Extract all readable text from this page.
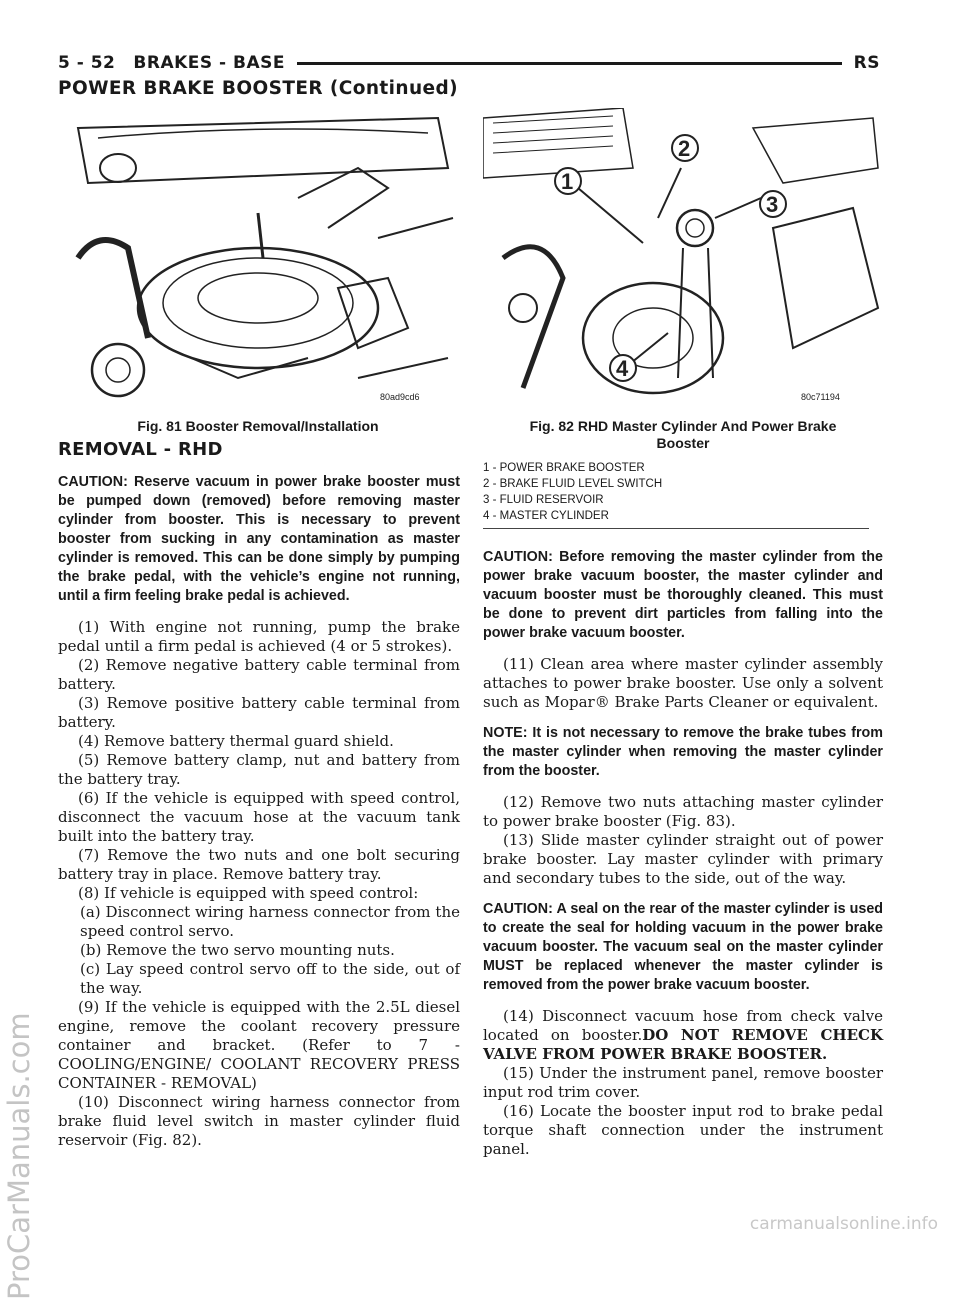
ProCarManuals.com	carmanualsonline.info
5 - 52 BRAKES - BASE	RS
POWER BRAKE BOOSTER (Continued)
80ad9cd6
Fig. 81 Booster Removal/Installation
1
2
3
4
80c71194
Fig. 82 RHD Master Cylinder And Power Brake Booster
1 - POWER BRAKE BOOSTER
2 - BRAKE FLUID LEVEL SWITCH
3 - FLUID RESERVOIR
4 - MASTER CYLINDER
REMOVAL - RHD

CAUTION: Reserve vacuum in power brake booster must be pumped down (removed) before removing master cylinder from booster. This is necessary to prevent booster from sucking in any contamination as master cylinder is removed. This can be done simply by pumping the brake pedal, with the vehicle’s engine not running, until a firm feeling brake pedal is achieved.

(1) With engine not running, pump the brake pedal until a firm pedal is achieved (4 or 5 strokes).

(2) Remove negative battery cable terminal from battery.

(3) Remove positive battery cable terminal from battery.

(4) Remove battery thermal guard shield.

(5) Remove battery clamp, nut and battery from the battery tray.

(6) If the vehicle is equipped with speed control, disconnect the vacuum hose at the vacuum tank built into the battery tray.

(7) Remove the two nuts and one bolt securing battery tray in place. Remove battery tray.

(8) If vehicle is equipped with speed control:

(a) Disconnect wiring harness connector from the speed control servo.

(b) Remove the two servo mounting nuts.

(c) Lay speed control servo off to the side, out of the way.

(9) If the vehicle is equipped with the 2.5L diesel engine, remove the coolant recovery pressure container and bracket. (Refer to 7 - COOLING/ENGINE/ COOLANT RECOVERY PRESS CONTAINER - REMOVAL)

(10) Disconnect wiring harness connector from brake fluid level switch in master cylinder fluid reservoir (Fig. 82).

CAUTION: Before removing the master cylinder from the power brake vacuum booster, the master cylinder and vacuum booster must be thoroughly cleaned. This must be done to prevent dirt particles from falling into the power brake vacuum booster.

(11) Clean area where master cylinder assembly attaches to power brake booster. Use only a solvent such as Mopar® Brake Parts Cleaner or equivalent.

NOTE: It is not necessary to remove the brake tubes from the master cylinder when removing the master cylinder from the booster.

(12) Remove two nuts attaching master cylinder to power brake booster (Fig. 83).

(13) Slide master cylinder straight out of power brake booster. Lay master cylinder with primary and secondary tubes to the side, out of the way.

CAUTION: A seal on the rear of the master cylinder is used to create the seal for holding vacuum in the power brake vacuum booster. The vacuum seal on the master cylinder MUST be replaced whenever the master cylinder is removed from the power brake vacuum booster.

(14) Disconnect vacuum hose from check valve located on booster.DO NOT REMOVE CHECK VALVE FROM POWER BRAKE BOOSTER.

(15) Under the instrument panel, remove booster input rod trim cover.

(16) Locate the booster input rod to brake pedal torque shaft connection under the instrument panel.
